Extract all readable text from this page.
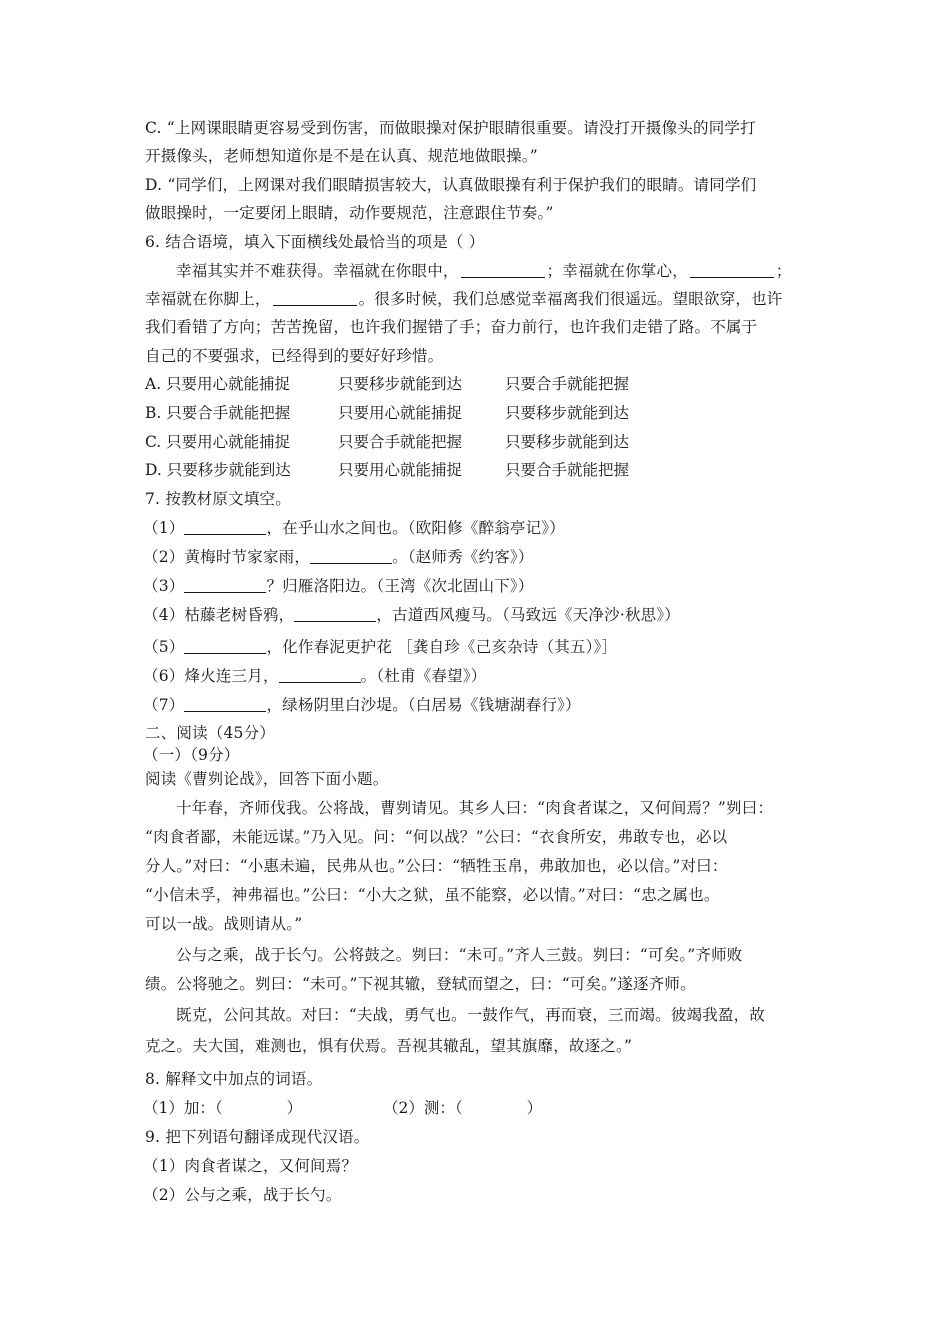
C. “上网课眼睛更容易受到伤害，而做眼操对保护眼睛很重要。请没打开摄像头的同学打
开摄像头，老师想知道你是不是在认真、规范地做眼操。”
D. “同学们，上网课对我们眼睛损害较大，认真做眼操有利于保护我们的眼睛。请同学们
做眼操时，一定要闭上眼睛，动作要规范，注意跟住节奏。”
6. 结合语境，填入下面横线处最恰当的项是（ ）
幸福其实并不难获得。幸福就在你眼中，	；幸福就在你掌心，	；
幸福就在你脚上，	。很多时候，我们总感觉幸福离我们很遥远。望眼欲穿，也许
我们看错了方向；苦苦挽留，也许我们握错了手；奋力前行，也许我们走错了路。不属于
自己的不要强求，已经得到的要好好珍惜。
A. 只要用心就能捕捉	只要移步就能到达	只要合手就能把握
B. 只要合手就能把握	只要用心就能捕捉	只要移步就能到达
C. 只要用心就能捕捉	只要合手就能把握	只要移步就能到达
D. 只要移步就能到达	只要用心就能捕捉	只要合手就能把握
7. 按教材原文填空。
（1）	，在乎山水之间也。（欧阳修《醉翁亭记》）
（2）黄梅时节家家雨，	。（赵师秀《约客》）
（3）	？归雁洛阳边。（王湾《次北固山下》）
（4）枯藤老树昏鸦，	，古道西风瘦马。（马致远《天净沙·秋思》）
（5）	，化作春泥更护花 ［龚自珍《己亥杂诗（其五）》］
（6）烽火连三月，	。（杜甫《春望》）
（7）	，绿杨阴里白沙堤。（白居易《钱塘湖春行》）
二、阅读（45分）
（一）（9分）
阅读《曹刿论战》，回答下面小题。
十年春，齐师伐我。公将战，曹刿请见。其乡人曰：“肉食者谋之，又何间焉？”刿曰：
“肉食者鄙，未能远谋。”乃入见。问：“何以战？”公曰：“衣食所安，弗敢专也，必以
分人。”对曰：“小惠未遍，民弗从也。”公曰：“牺牲玉帛，弗敢加也，必以信。”对曰：
“小信未孚，神弗福也。”公曰：“小大之狱，虽不能察，必以情。”对曰：“忠之属也。
可以一战。战则请从。”
公与之乘，战于长勺。公将鼓之。刿曰：“未可。”齐人三鼓。刿曰：“可矣。”齐师败
绩。公将驰之。刿曰：“未可。”下视其辙，登轼而望之，曰：“可矣。”遂逐齐师。
既克，公问其故。对曰：“夫战，勇气也。一鼓作气，再而衰，三而竭。彼竭我盈，故
克之。夫大国，难测也，惧有伏焉。吾视其辙乱，望其旗靡，故逐之。”
8. 解释文中加点的词语。
（1）加：（	）	（2）测：（	）
9. 把下列语句翻译成现代汉语。
（1）肉食者谋之，又何间焉？
（2）公与之乘，战于长勺。
